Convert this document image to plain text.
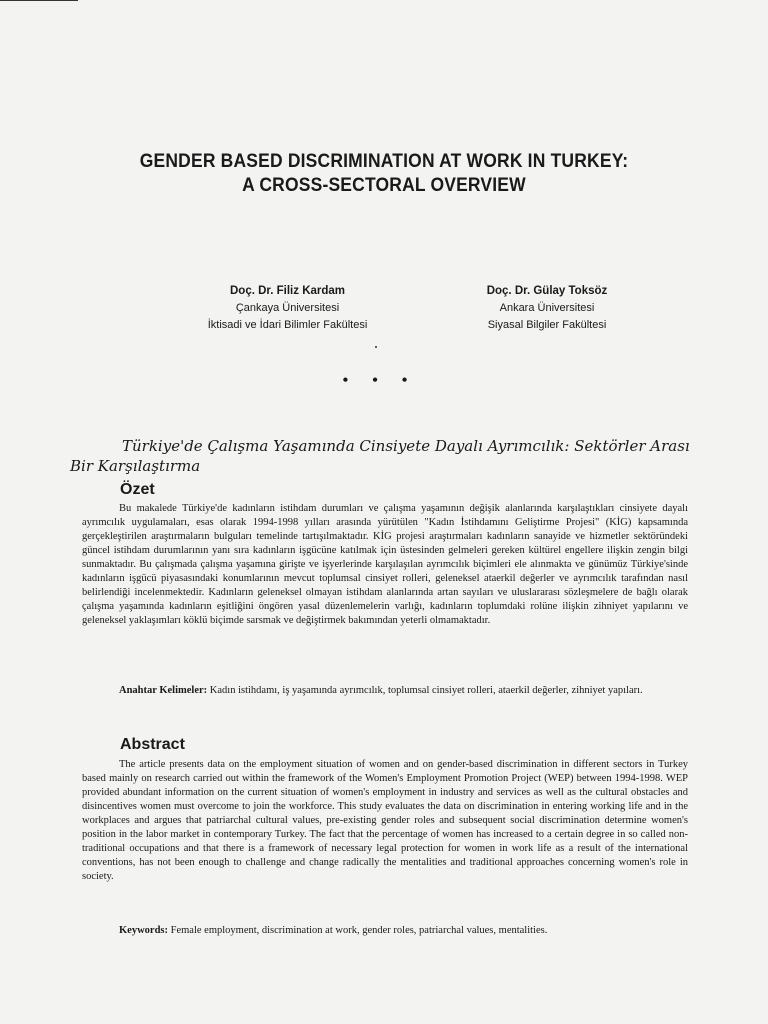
GENDER BASED DISCRIMINATION AT WORK IN TURKEY:
A CROSS-SECTORAL OVERVIEW
Doç. Dr. Filiz Kardam
Çankaya Üniversitesi
İktisadi ve İdari Bilimler Fakültesi
Doç. Dr. Gülay Toksöz
Ankara Üniversitesi
Siyasal Bilgiler Fakültesi
• • •
Türkiye'de Çalışma Yaşamında Cinsiyete Dayalı Ayrımcılık: Sektörler Arası Bir Karşılaştırma
Özet

Bu makalede Türkiye'de kadınların istihdam durumları ve çalışma yaşamının değişik alanlarında karşılaştıkları cinsiyete dayalı ayrımcılık uygulamaları, esas olarak 1994-1998 yılları arasında yürütülen "Kadın İstihdamını Geliştirme Projesi" (KİG) kapsamında gerçekleştirilen araştırmaların bulguları temelinde tartışılmaktadır. KİG projesi araştırmaları kadınların sanayide ve hizmetler sektöründeki güncel istihdam durumlarının yanı sıra kadınların işgücüne katılmak için üstesinden gelmeleri gereken kültürel engellere ilişkin zengin bilgi sunmaktadır. Bu çalışmada çalışma yaşamına girişte ve işyerlerinde karşılaşılan ayrımcılık biçimleri ele alınmakta ve günümüz Türkiye'sinde kadınların işgücü piyasasındaki konumlarının mevcut toplumsal cinsiyet rolleri, geleneksel ataerkil değerler ve ayrımcılık tarafından nasıl belirlendiği incelenmektedir. Kadınların geleneksel olmayan istihdam alanlarında artan sayıları ve uluslararası sözleşmelere de bağlı olarak çalışma yaşamında kadınların eşitliğini öngören yasal düzenlemelerin varlığı, kadınların toplumdaki rolüne ilişkin zihniyet yapılarını ve geleneksel yaklaşımları köklü biçimde sarsmak ve değiştirmek bakımından yeterli olmamaktadır.

Anahtar Kelimeler: Kadın istihdamı, iş yaşamında ayrımcılık, toplumsal cinsiyet rolleri, ataerkil değerler, zihniyet yapıları.

Abstract

The article presents data on the employment situation of women and on gender-based discrimination in different sectors in Turkey based mainly on research carried out within the framework of the Women's Employment Promotion Project (WEP) between 1994-1998. WEP provided abundant information on the current situation of women's employment in industry and services as well as the cultural obstacles and disincentives women must overcome to join the workforce. This study evaluates the data on discrimination in entering working life and in the workplaces and argues that patriarchal cultural values, pre-existing gender roles and subsequent social discrimination determine women's position in the labor market in contemporary Turkey. The fact that the percentage of women has increased to a certain degree in so called non-traditional occupations and that there is a framework of necessary legal protection for women in work life as a result of the international conventions, has not been enough to challenge and change radically the mentalities and traditional approaches concerning women's role in society.

Keywords: Female employment, discrimination at work, gender roles, patriarchal values, mentalities.
